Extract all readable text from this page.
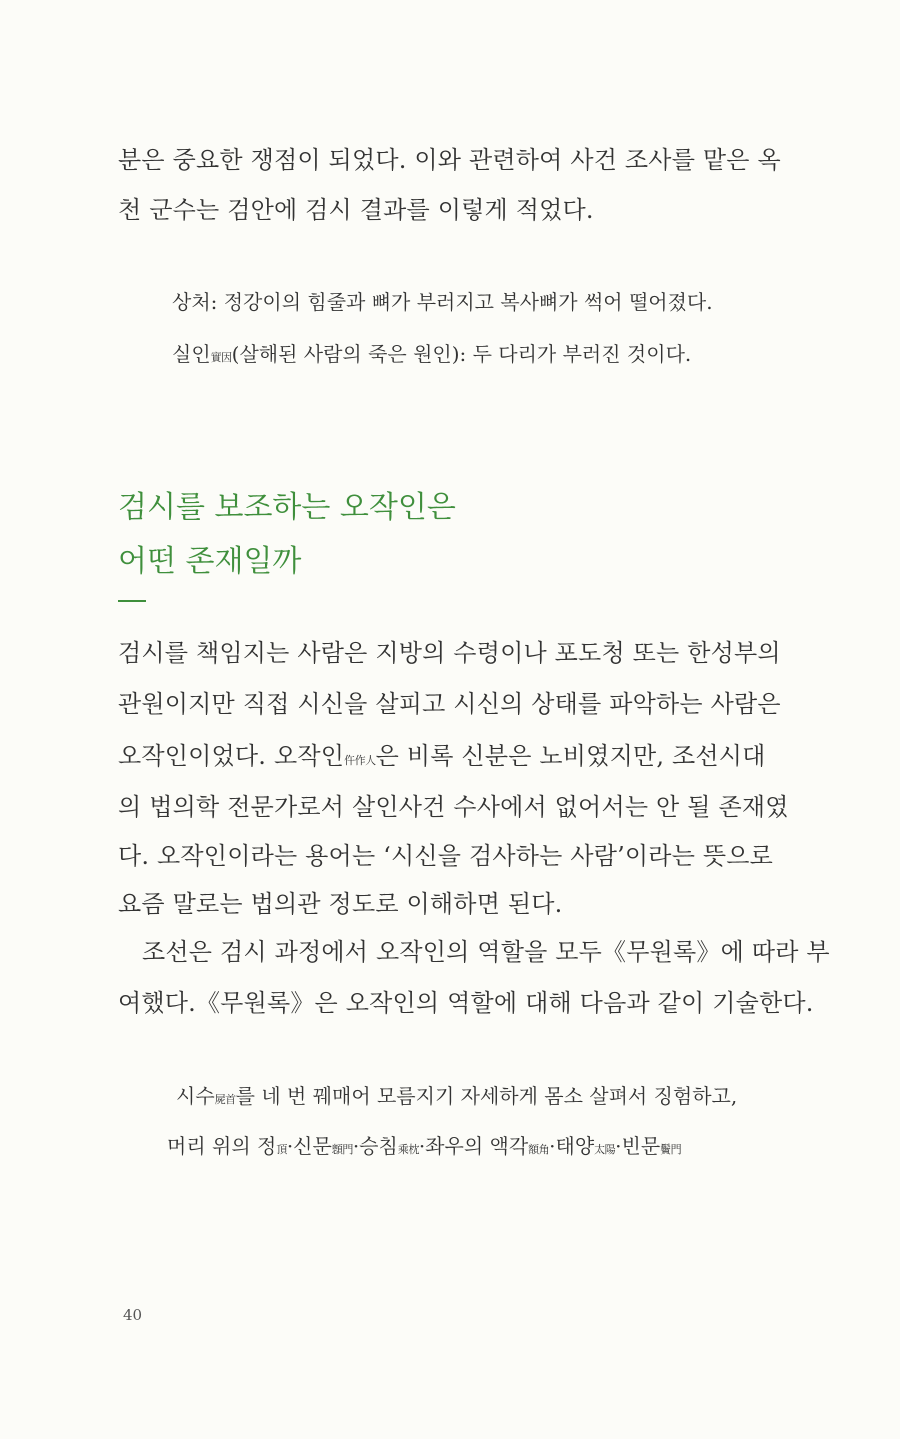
분은 중요한 쟁점이 되었다. 이와 관련하여 사건 조사를 맡은 옥
천 군수는 검안에 검시 결과를 이렇게 적었다.
상처: 정강이의 힘줄과 뼈가 부러지고 복사뼈가 썩어 떨어졌다.
실인實因(살해된 사람의 죽은 원인): 두 다리가 부러진 것이다.
검시를 보조하는 오작인은
어떤 존재일까
검시를 책임지는 사람은 지방의 수령이나 포도청 또는 한성부의
관원이지만 직접 시신을 살피고 시신의 상태를 파악하는 사람은
오작인이었다. 오작인仵作人은 비록 신분은 노비였지만, 조선시대
의 법의학 전문가로서 살인사건 수사에서 없어서는 안 될 존재였
다. 오작인이라는 용어는 ‘시신을 검사하는 사람’이라는 뜻으로
요즘 말로는 법의관 정도로 이해하면 된다.
조선은 검시 과정에서 오작인의 역할을 모두《무원록》에 따라 부
여했다.《무원록》은 오작인의 역할에 대해 다음과 같이 기술한다.
시수屍首를 네 번 꿰매어 모름지기 자세하게 몸소 살펴서 징험하고,
머리 위의 정頂·신문顖門·승침乘枕·좌우의 액각額角·태양太陽·빈문鬢門
40
